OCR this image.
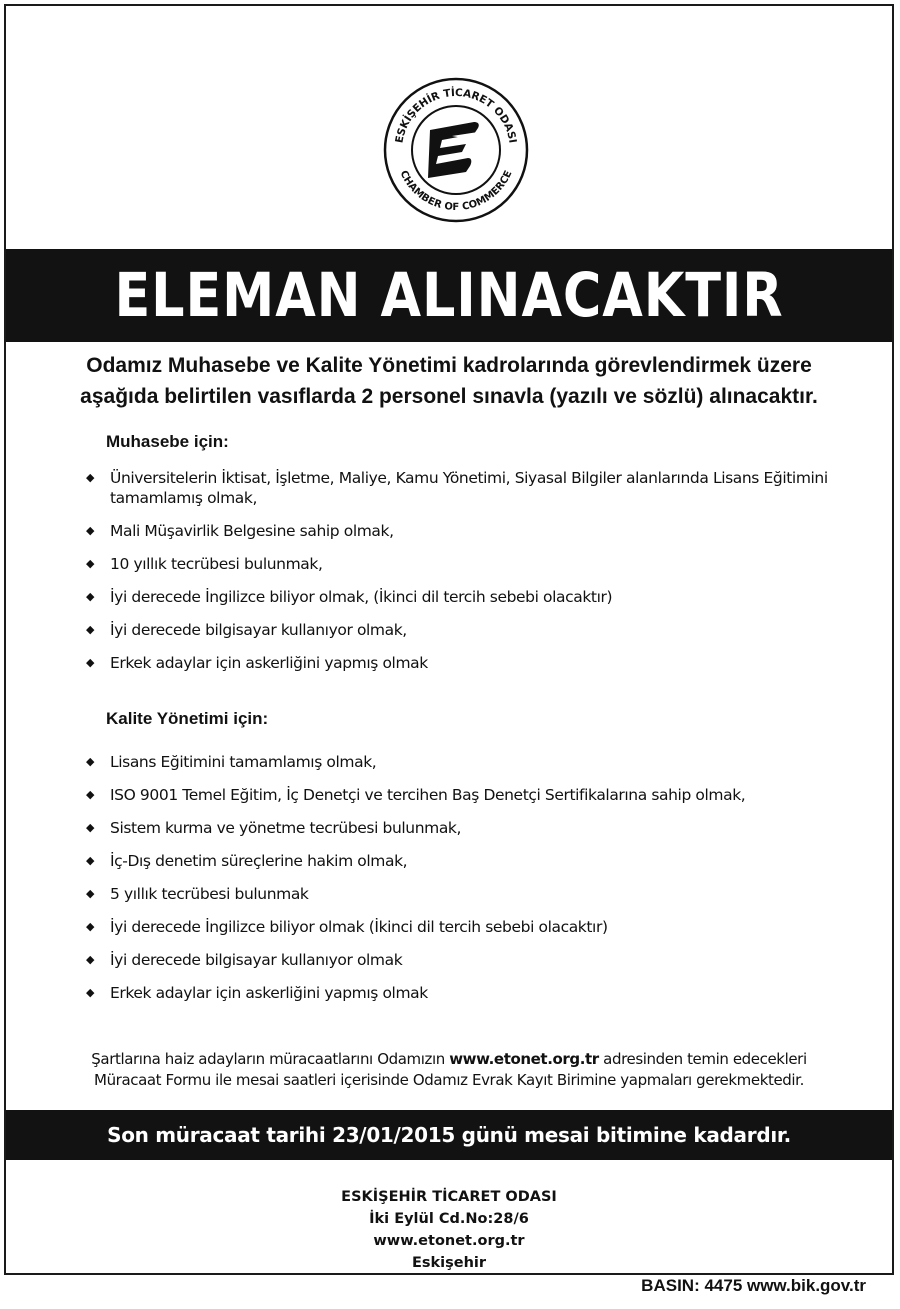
ESKİŞEHİR TİCARET ODASI
CHAMBER OF COMMERCE
ELEMAN ALINACAKTIR
Odamız Muhasebe ve Kalite Yönetimi kadrolarında görevlendirmek üzere
aşağıda belirtilen vasıflarda 2 personel sınavla (yazılı ve sözlü) alınacaktır.
Muhasebe için:
◆ Üniversitelerin İktisat, İşletme, Maliye, Kamu Yönetimi, Siyasal Bilgiler alanlarında Lisans Eğitimini
tamamlamış olmak,
◆ Mali Müşavirlik Belgesine sahip olmak,
◆ 10 yıllık tecrübesi bulunmak,
◆ İyi derecede İngilizce biliyor olmak, (İkinci dil tercih sebebi olacaktır)
◆ İyi derecede bilgisayar kullanıyor olmak,
◆ Erkek adaylar için askerliğini yapmış olmak
Kalite Yönetimi için:
◆ Lisans Eğitimini tamamlamış olmak,
◆ ISO 9001 Temel Eğitim, İç Denetçi ve tercihen Baş Denetçi Sertifikalarına sahip olmak,
◆ Sistem kurma ve yönetme tecrübesi bulunmak,
◆ İç-Dış denetim süreçlerine hakim olmak,
◆ 5 yıllık tecrübesi bulunmak
◆ İyi derecede İngilizce biliyor olmak (İkinci dil tercih sebebi olacaktır)
◆ İyi derecede bilgisayar kullanıyor olmak
◆ Erkek adaylar için askerliğini yapmış olmak
Şartlarına haiz adayların müracaatlarını Odamızın www.etonet.org.tr adresinden temin edecekleri
Müracaat Formu ile mesai saatleri içerisinde Odamız Evrak Kayıt Birimine yapmaları gerekmektedir.
Son müracaat tarihi 23/01/2015 günü mesai bitimine kadardır.
ESKİŞEHİR TİCARET ODASI
İki Eylül Cd.No:28/6
www.etonet.org.tr
Eskişehir
BASIN: 4475 www.bik.gov.tr
